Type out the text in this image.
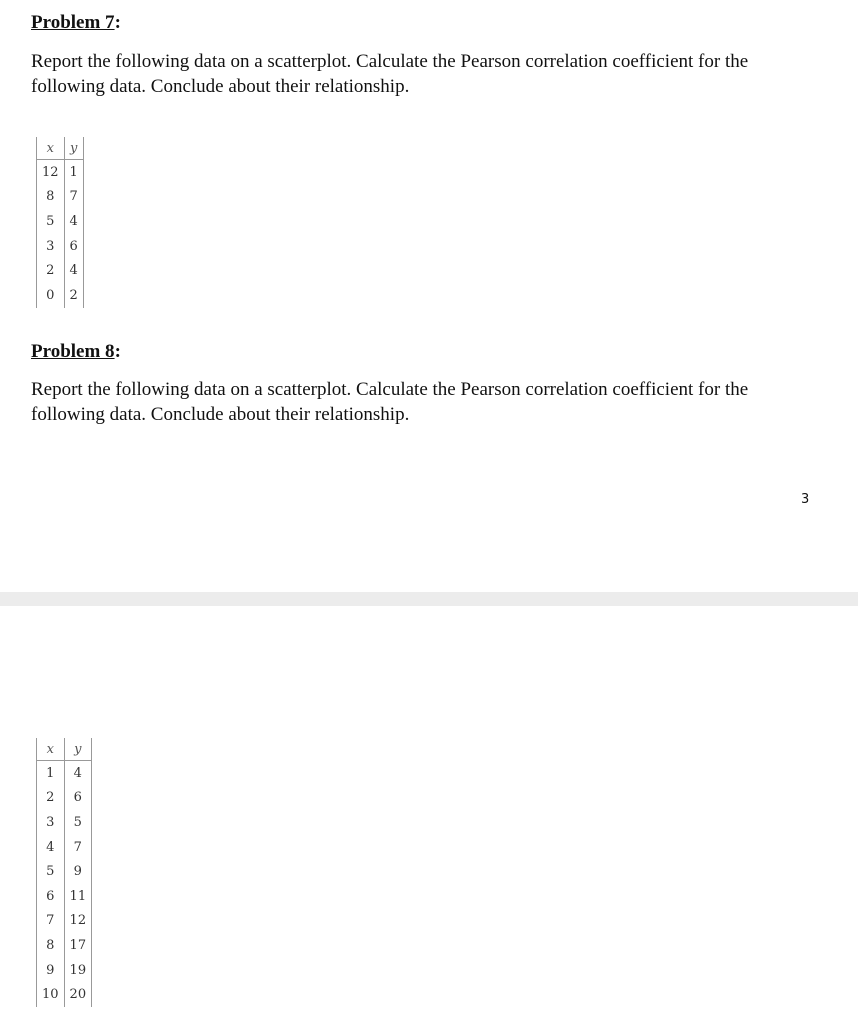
Problem 7:

Report the following data on a scatterplot. Calculate the Pearson correlation coefficient for the
following data. Conclude about their relationship.

x	y
12	1
8	7
5	4
3	6
2	4
0	2

Problem 8:

Report the following data on a scatterplot. Calculate the Pearson correlation coefficient for the
following data. Conclude about their relationship.

3
x	y
1	4
2	6
3	5
4	7
5	9
6	11
7	12
8	17
9	19
10	20
